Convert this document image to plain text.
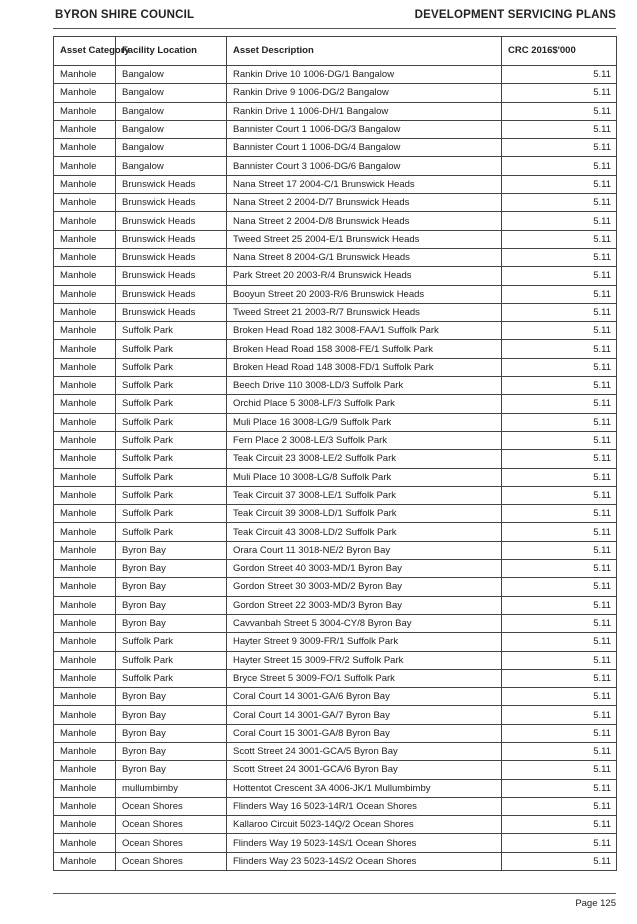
BYRON SHIRE COUNCIL	DEVELOPMENT SERVICING PLANS
Asset Category	Facility Location	Asset Description	CRC 2016$'000
Manhole	Bangalow	Rankin Drive 10 1006-DG/1 Bangalow	5.11
Manhole	Bangalow	Rankin Drive 9 1006-DG/2 Bangalow	5.11
Manhole	Bangalow	Rankin Drive 1 1006-DH/1 Bangalow	5.11
Manhole	Bangalow	Bannister Court 1 1006-DG/3 Bangalow	5.11
Manhole	Bangalow	Bannister Court 1 1006-DG/4 Bangalow	5.11
Manhole	Bangalow	Bannister Court 3 1006-DG/6 Bangalow	5.11
Manhole	Brunswick Heads	Nana Street 17 2004-C/1 Brunswick Heads	5.11
Manhole	Brunswick Heads	Nana Street 2 2004-D/7 Brunswick Heads	5.11
Manhole	Brunswick Heads	Nana Street 2 2004-D/8 Brunswick Heads	5.11
Manhole	Brunswick Heads	Tweed Street 25 2004-E/1 Brunswick Heads	5.11
Manhole	Brunswick Heads	Nana Street 8 2004-G/1 Brunswick Heads	5.11
Manhole	Brunswick Heads	Park Street 20 2003-R/4 Brunswick Heads	5.11
Manhole	Brunswick Heads	Booyun Street 20 2003-R/6 Brunswick Heads	5.11
Manhole	Brunswick Heads	Tweed Street 21 2003-R/7 Brunswick Heads	5.11
Manhole	Suffolk Park	Broken Head Road 182 3008-FAA/1 Suffolk Park	5.11
Manhole	Suffolk Park	Broken Head Road 158 3008-FE/1 Suffolk Park	5.11
Manhole	Suffolk Park	Broken Head Road 148 3008-FD/1 Suffolk Park	5.11
Manhole	Suffolk Park	Beech Drive 110 3008-LD/3 Suffolk Park	5.11
Manhole	Suffolk Park	Orchid Place 5 3008-LF/3 Suffolk Park	5.11
Manhole	Suffolk Park	Muli Place 16 3008-LG/9 Suffolk Park	5.11
Manhole	Suffolk Park	Fern Place 2 3008-LE/3 Suffolk Park	5.11
Manhole	Suffolk Park	Teak Circuit 23 3008-LE/2 Suffolk Park	5.11
Manhole	Suffolk Park	Muli Place 10 3008-LG/8 Suffolk Park	5.11
Manhole	Suffolk Park	Teak Circuit 37 3008-LE/1 Suffolk Park	5.11
Manhole	Suffolk Park	Teak Circuit 39 3008-LD/1 Suffolk Park	5.11
Manhole	Suffolk Park	Teak Circuit 43 3008-LD/2 Suffolk Park	5.11
Manhole	Byron Bay	Orara Court 11 3018-NE/2 Byron Bay	5.11
Manhole	Byron Bay	Gordon Street 40 3003-MD/1 Byron Bay	5.11
Manhole	Byron Bay	Gordon Street 30 3003-MD/2 Byron Bay	5.11
Manhole	Byron Bay	Gordon Street 22 3003-MD/3 Byron Bay	5.11
Manhole	Byron Bay	Cavvanbah Street 5 3004-CY/8 Byron Bay	5.11
Manhole	Suffolk Park	Hayter Street 9 3009-FR/1 Suffolk Park	5.11
Manhole	Suffolk Park	Hayter Street 15 3009-FR/2 Suffolk Park	5.11
Manhole	Suffolk Park	Bryce Street 5 3009-FO/1 Suffolk Park	5.11
Manhole	Byron Bay	Coral Court 14 3001-GA/6 Byron Bay	5.11
Manhole	Byron Bay	Coral Court 14 3001-GA/7 Byron Bay	5.11
Manhole	Byron Bay	Coral Court 15 3001-GA/8 Byron Bay	5.11
Manhole	Byron Bay	Scott Street 24 3001-GCA/5 Byron Bay	5.11
Manhole	Byron Bay	Scott Street 24 3001-GCA/6 Byron Bay	5.11
Manhole	mullumbimby	Hottentot Crescent 3A 4006-JK/1 Mullumbimby	5.11
Manhole	Ocean Shores	Flinders Way 16 5023-14R/1 Ocean Shores	5.11
Manhole	Ocean Shores	Kallaroo Circuit 5023-14Q/2 Ocean Shores	5.11
Manhole	Ocean Shores	Flinders Way 19 5023-14S/1 Ocean Shores	5.11
Manhole	Ocean Shores	Flinders Way 23 5023-14S/2 Ocean Shores	5.11
Page 125
